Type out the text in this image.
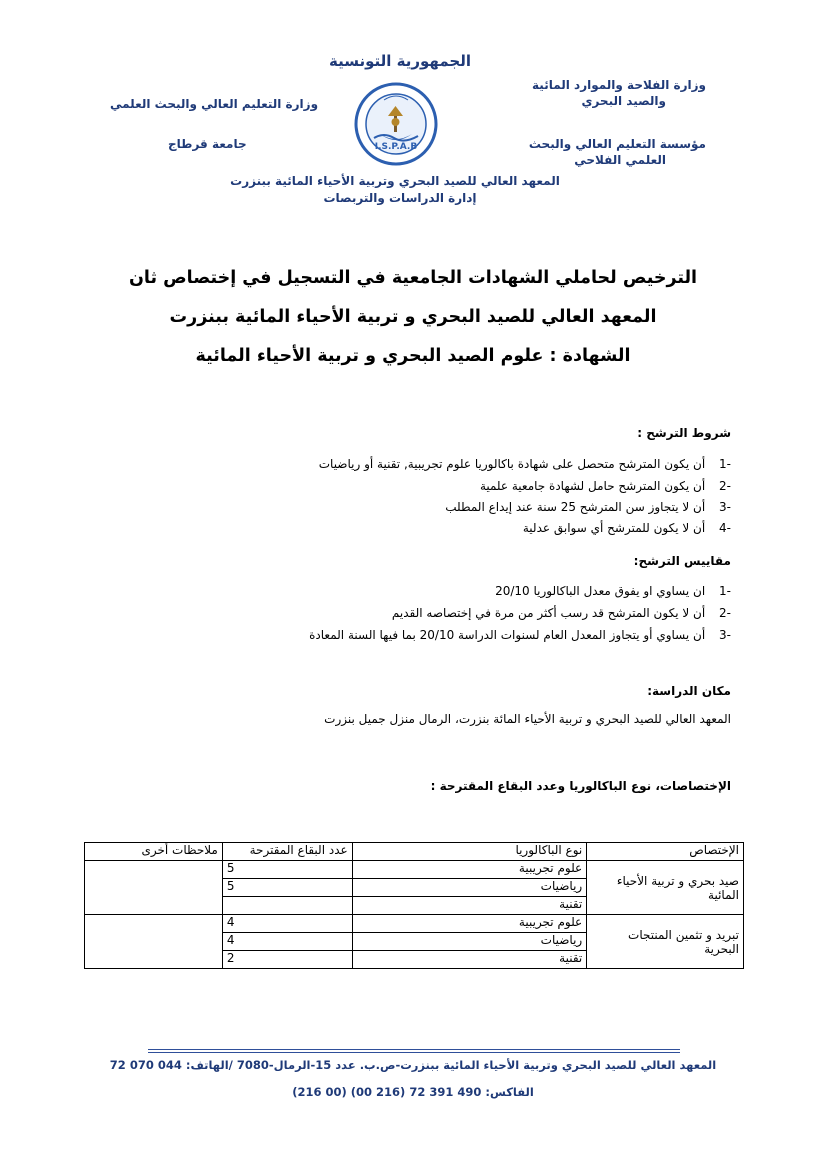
الجمهورية التونسية
وزارة الفلاحة والموارد المائية
والصيد البحري
وزارة التعليم العالي والبحث العلمي
مؤسسة التعليم العالي والبحث
العلمي الفلاحي
جامعة قرطاج	I.S.P.A.B
المعهد العالي للصيد البحري وتربية الأحياء المائية ببنزرت
إدارة الدراسات والتربصات
الترخيص لحاملي الشهادات الجامعية في التسجيل في إختصاص ثان
المعهد العالي للصيد البحري و تربية الأحياء المائية ببنزرت
الشهادة : علوم الصيد البحري و تربية الأحياء المائية
شروط الترشح :
-1 أن يكون المترشح متحصل على شهادة باكالوريا علوم تجريبية, تقنية أو رياضيات
-2 أن يكون المترشح حامل لشهادة جامعية علمية
-3 أن لا يتجاوز سن المترشح 25 سنة عند إيداع المطلب
-4 أن لا يكون للمترشح أي سوابق عدلية
مقاييس الترشح:
-1 ان يساوي او يفوق معدل الباكالوريا 20/10
-2 أن لا يكون المترشح قد رسب أكثر من مرة في إختصاصه القديم
-3 أن يساوي أو يتجاوز المعدل العام لسنوات الدراسة 20/10 بما فيها السنة المعادة
مكان الدراسة:
المعهد العالي للصيد البحري و تربية الأحياء المائة بنزرت، الرمال منزل جميل بنزرت
الإختصاصات، نوع الباكالوريا وعدد البقاع المقترحة :
الإختصاص	نوع الباكالوريا	عدد البقاع المقترحة	ملاحظات أخرى
صيد بحري و تربية الأحياء المائية	علوم تجريبية	5	
	رياضيات	5	
	تقنية		
تبريد و تثمين المنتجات البحرية	علوم تجريبية	4	
	رياضيات	4	
	تقنية	2	
المعهد العالي للصيد البحري وتربية الأحياء المائية ببنزرت-ص.ب. عدد 15-الرمال-7080 /الهاتف: 044 070 72
(216 00) الفاكس: 490 391 72 (216 00)
